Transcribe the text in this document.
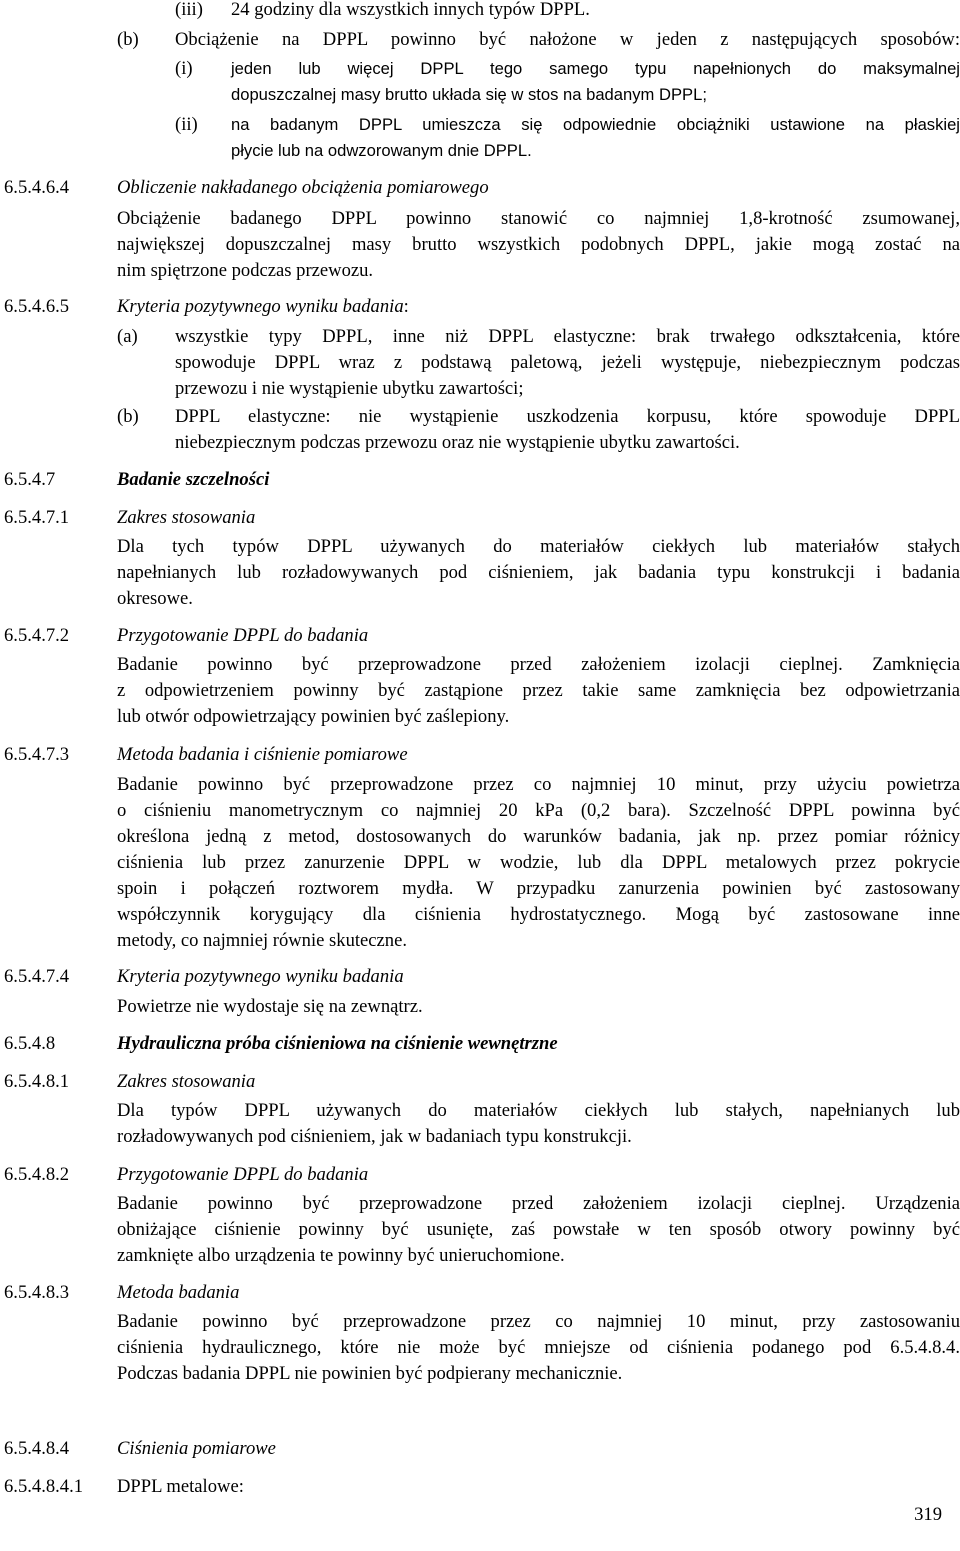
(iii) 24 godziny dla wszystkich innych typów DPPL.
(b) Obciążenie na DPPL powinno być nałożone w jeden z następujących sposobów:
(i) jeden lub więcej DPPL tego samego typu napełnionych do maksymalnej
dopuszczalnej masy brutto układa się w stos na badanym DPPL;
(ii) na badanym DPPL umieszcza się odpowiednie obciążniki ustawione na płaskiej
płycie lub na odwzorowanym dnie DPPL.
6.5.4.6.4	Obliczenie nakładanego obciążenia pomiarowego
Obciążenie badanego DPPL powinno stanowić co najmniej 1,8-krotność zsumowanej,
największej dopuszczalnej masy brutto wszystkich podobnych DPPL, jakie mogą zostać na
nim spiętrzone podczas przewozu.
6.5.4.6.5	Kryteria pozytywnego wyniku badania:
(a) wszystkie typy DPPL, inne niż DPPL elastyczne: brak trwałego odkształcenia, które
spowoduje DPPL wraz z podstawą paletową, jeżeli występuje, niebezpiecznym podczas
przewozu i nie wystąpienie ubytku zawartości;
(b) DPPL elastyczne: nie wystąpienie uszkodzenia korpusu, które spowoduje DPPL
niebezpiecznym podczas przewozu oraz nie wystąpienie ubytku zawartości.
6.5.4.7	Badanie szczelności
6.5.4.7.1	Zakres stosowania
Dla tych typów DPPL używanych do materiałów ciekłych lub materiałów stałych
napełnianych lub rozładowywanych pod ciśnieniem, jak badania typu konstrukcji i badania
okresowe.
6.5.4.7.2	Przygotowanie DPPL do badania
Badanie powinno być przeprowadzone przed założeniem izolacji cieplnej. Zamknięcia
z odpowietrzeniem powinny być zastąpione przez takie same zamknięcia bez odpowietrzania
lub otwór odpowietrzający powinien być zaślepiony.
6.5.4.7.3	Metoda badania i ciśnienie pomiarowe
Badanie powinno być przeprowadzone przez co najmniej 10 minut, przy użyciu powietrza
o ciśnieniu manometrycznym co najmniej 20 kPa (0,2 bara). Szczelność DPPL powinna być
określona jedną z metod, dostosowanych do warunków badania, jak np. przez pomiar różnicy
ciśnienia lub przez zanurzenie DPPL w wodzie, lub dla DPPL metalowych przez pokrycie
spoin i połączeń roztworem mydła. W przypadku zanurzenia powinien być zastosowany
współczynnik korygujący dla ciśnienia hydrostatycznego. Mogą być zastosowane inne
metody, co najmniej równie skuteczne.
6.5.4.7.4	Kryteria pozytywnego wyniku badania
Powietrze nie wydostaje się na zewnątrz.
6.5.4.8	Hydrauliczna próba ciśnieniowa na ciśnienie wewnętrzne
6.5.4.8.1	Zakres stosowania
Dla typów DPPL używanych do materiałów ciekłych lub stałych, napełnianych lub
rozładowywanych pod ciśnieniem, jak w badaniach typu konstrukcji.
6.5.4.8.2	Przygotowanie DPPL do badania
Badanie powinno być przeprowadzone przed założeniem izolacji cieplnej. Urządzenia
obniżające ciśnienie powinny być usunięte, zaś powstałe w ten sposób otwory powinny być
zamknięte albo urządzenia te powinny być unieruchomione.
6.5.4.8.3	Metoda badania
Badanie powinno być przeprowadzone przez co najmniej 10 minut, przy zastosowaniu
ciśnienia hydraulicznego, które nie może być mniejsze od ciśnienia podanego pod 6.5.4.8.4.
Podczas badania DPPL nie powinien być podpierany mechanicznie.
6.5.4.8.4	Ciśnienia pomiarowe
6.5.4.8.4.1 DPPL metalowe:
319
